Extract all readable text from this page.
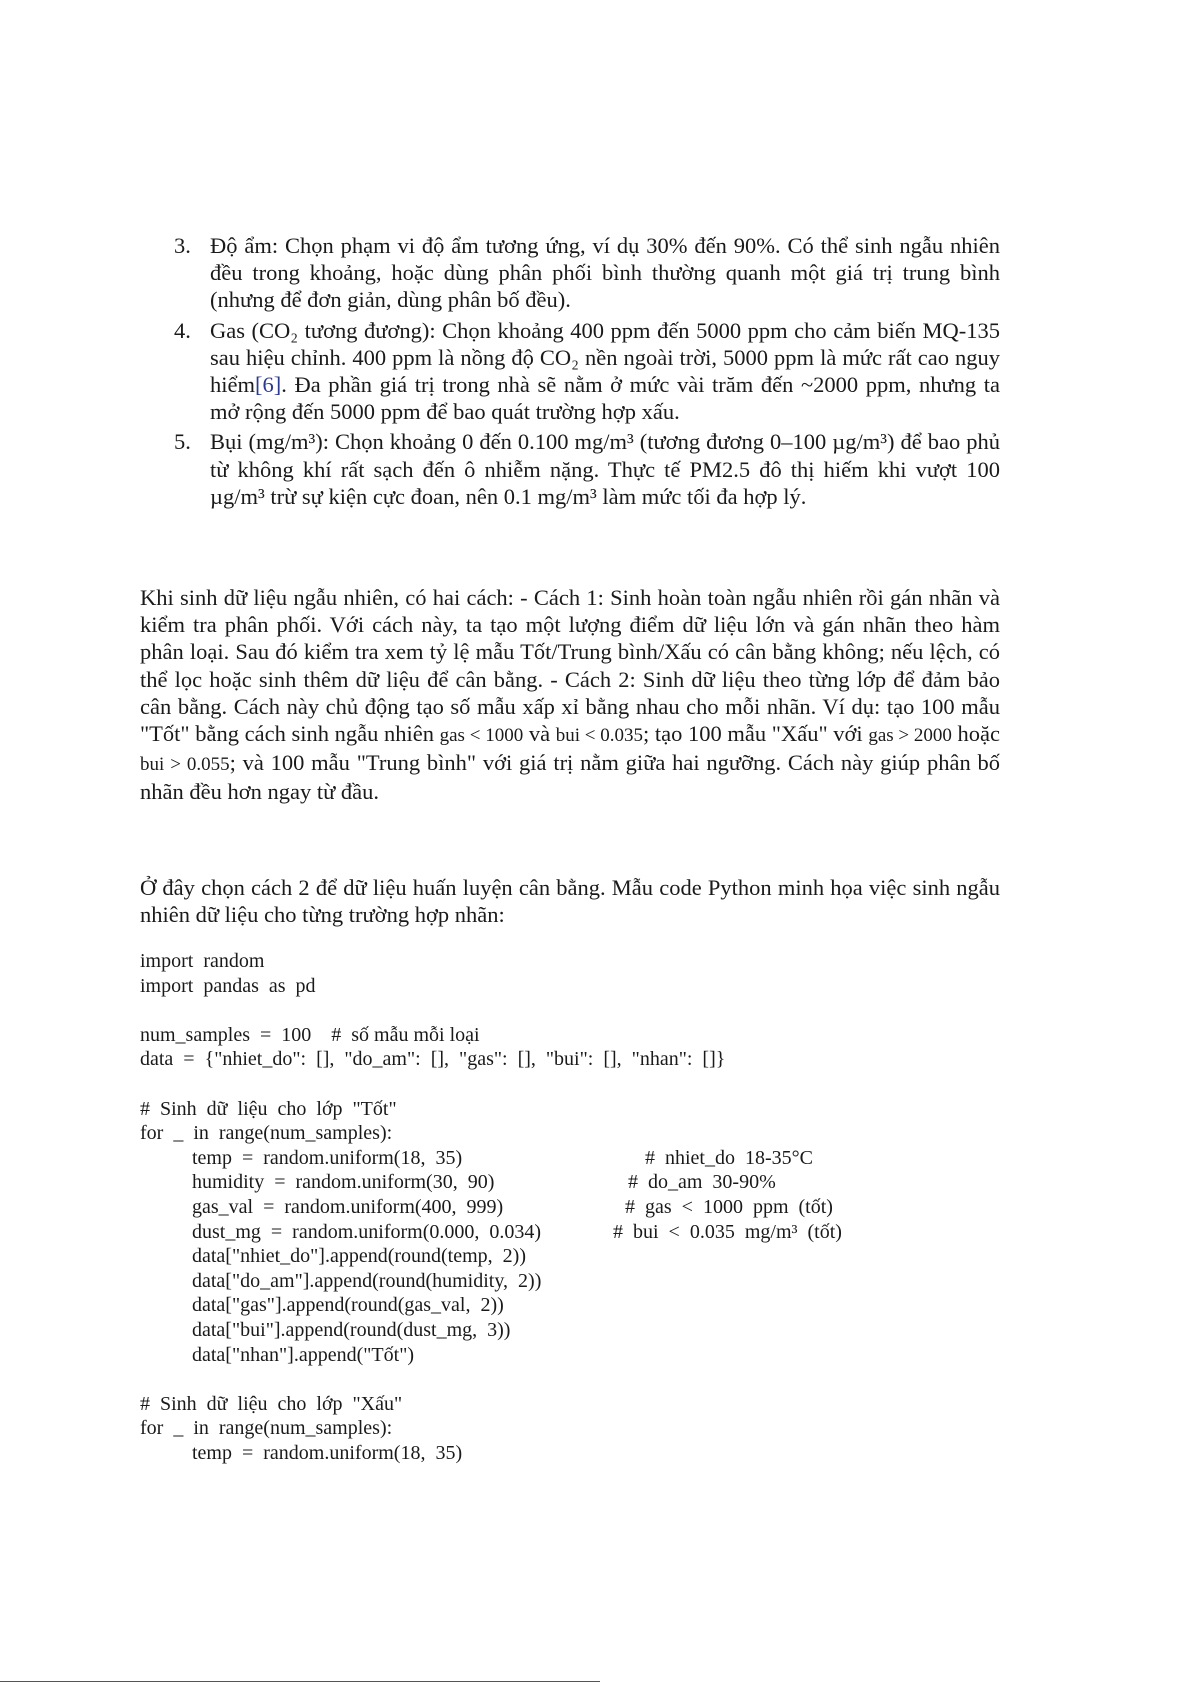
3. Độ ẩm: Chọn phạm vi độ ẩm tương ứng, ví dụ 30% đến 90%. Có thể sinh ngẫu nhiên đều trong khoảng, hoặc dùng phân phối bình thường quanh một giá trị trung bình (nhưng để đơn giản, dùng phân bố đều).
4. Gas (CO₂ tương đương): Chọn khoảng 400 ppm đến 5000 ppm cho cảm biến MQ-135 sau hiệu chỉnh. 400 ppm là nồng độ CO₂ nền ngoài trời, 5000 ppm là mức rất cao nguy hiểm[6]. Đa phần giá trị trong nhà sẽ nằm ở mức vài trăm đến ~2000 ppm, nhưng ta mở rộng đến 5000 ppm để bao quát trường hợp xấu.
5. Bụi (mg/m³): Chọn khoảng 0 đến 0.100 mg/m³ (tương đương 0–100 µg/m³) để bao phủ từ không khí rất sạch đến ô nhiễm nặng. Thực tế PM2.5 đô thị hiếm khi vượt 100 µg/m³ trừ sự kiện cực đoan, nên 0.1 mg/m³ làm mức tối đa hợp lý.

Khi sinh dữ liệu ngẫu nhiên, có hai cách: - Cách 1: Sinh hoàn toàn ngẫu nhiên rồi gán nhãn và kiểm tra phân phối. Với cách này, ta tạo một lượng điểm dữ liệu lớn và gán nhãn theo hàm phân loại. Sau đó kiểm tra xem tỷ lệ mẫu Tốt/Trung bình/Xấu có cân bằng không; nếu lệch, có thể lọc hoặc sinh thêm dữ liệu để cân bằng. - Cách 2: Sinh dữ liệu theo từng lớp để đảm bảo cân bằng. Cách này chủ động tạo số mẫu xấp xỉ bằng nhau cho mỗi nhãn. Ví dụ: tạo 100 mẫu "Tốt" bằng cách sinh ngẫu nhiên gas < 1000 và bui < 0.035; tạo 100 mẫu "Xấu" với gas > 2000 hoặc bui > 0.055; và 100 mẫu "Trung bình" với giá trị nằm giữa hai ngưỡng. Cách này giúp phân bố nhãn đều hơn ngay từ đầu.

Ở đây chọn cách 2 để dữ liệu huấn luyện cân bằng. Mẫu code Python minh họa việc sinh ngẫu nhiên dữ liệu cho từng trường hợp nhãn:

import  random
import  pandas  as  pd

num_samples  =  100    #  số mẫu mỗi loại
data  =  {"nhiet_do":  [],  "do_am":  [],  "gas":  [],  "bui":  [],  "nhan":  []}

#  Sinh  dữ  liệu  cho  lớp  "Tốt"
for  _  in  range(num_samples):
temp  =  random.uniform(18,  35)	#  nhiet_do  18-35°C
humidity  =  random.uniform(30,  90)	#  do_am  30-90%
gas_val  =  random.uniform(400,  999)	#  gas  <  1000  ppm  (tốt)
dust_mg  =  random.uniform(0.000,  0.034)	#  bui  <  0.035  mg/m³  (tốt)
data["nhiet_do"].append(round(temp,  2))
data["do_am"].append(round(humidity,  2))
data["gas"].append(round(gas_val,  2))
data["bui"].append(round(dust_mg,  3))
data["nhan"].append("Tốt")

#  Sinh  dữ  liệu  cho  lớp  "Xấu"
for  _  in  range(num_samples):
temp  =  random.uniform(18,  35)
